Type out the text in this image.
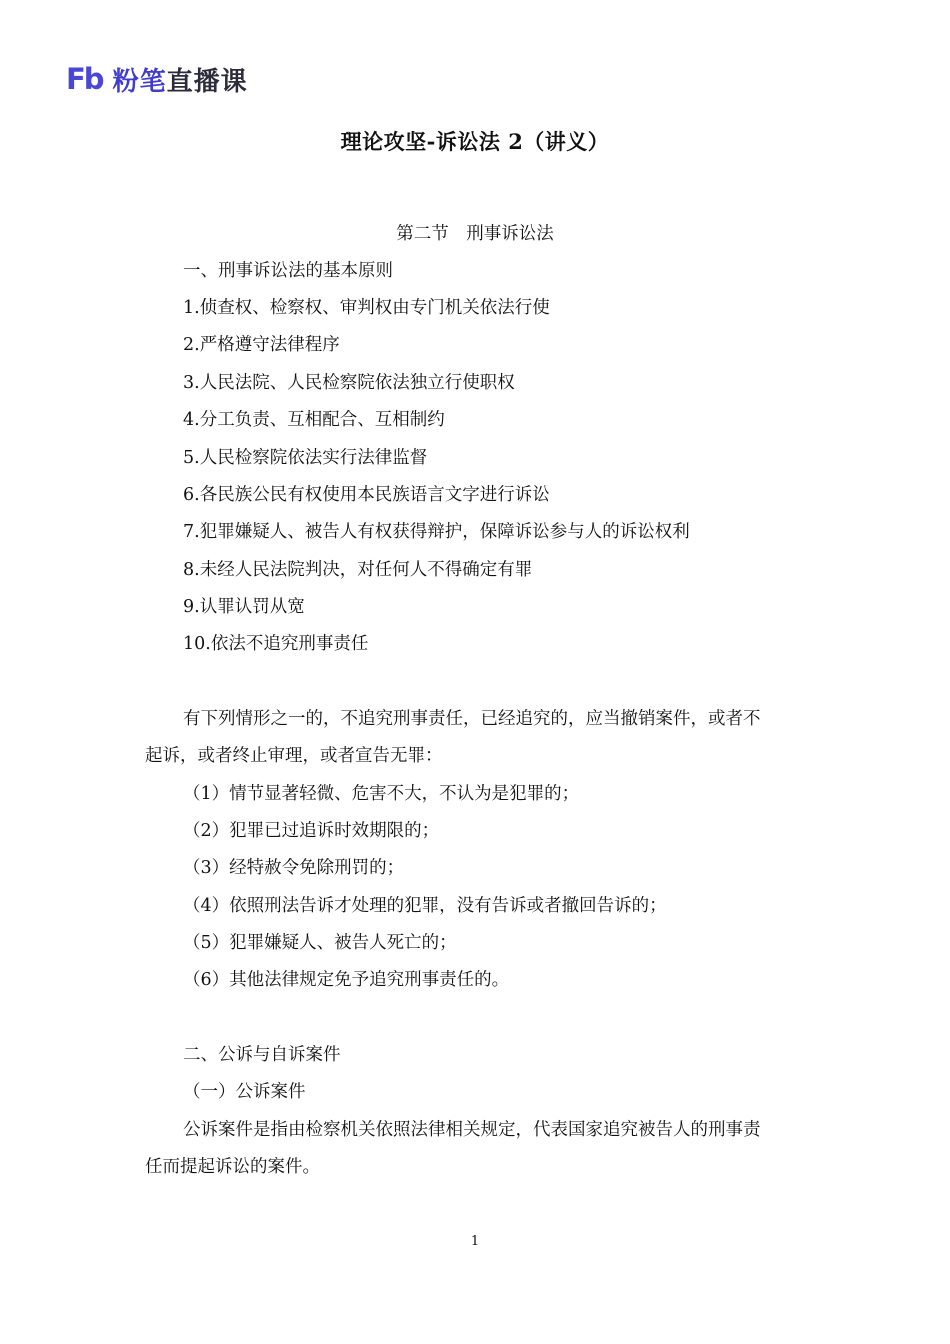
Fb 粉笔直播课
理论攻坚-诉讼法 2（讲义）
第二节　刑事诉讼法
一、刑事诉讼法的基本原则
1.侦查权、检察权、审判权由专门机关依法行使
2.严格遵守法律程序
3.人民法院、人民检察院依法独立行使职权
4.分工负责、互相配合、互相制约
5.人民检察院依法实行法律监督
6.各民族公民有权使用本民族语言文字进行诉讼
7.犯罪嫌疑人、被告人有权获得辩护，保障诉讼参与人的诉讼权利
8.未经人民法院判决，对任何人不得确定有罪
9.认罪认罚从宽
10.依法不追究刑事责任
有下列情形之一的，不追究刑事责任，已经追究的，应当撤销案件，或者不
起诉，或者终止审理，或者宣告无罪：
（1）情节显著轻微、危害不大，不认为是犯罪的；
（2）犯罪已过追诉时效期限的；
（3）经特赦令免除刑罚的；
（4）依照刑法告诉才处理的犯罪，没有告诉或者撤回告诉的；
（5）犯罪嫌疑人、被告人死亡的；
（6）其他法律规定免予追究刑事责任的。
二、公诉与自诉案件
（一）公诉案件
公诉案件是指由检察机关依照法律相关规定，代表国家追究被告人的刑事责
任而提起诉讼的案件。
1
